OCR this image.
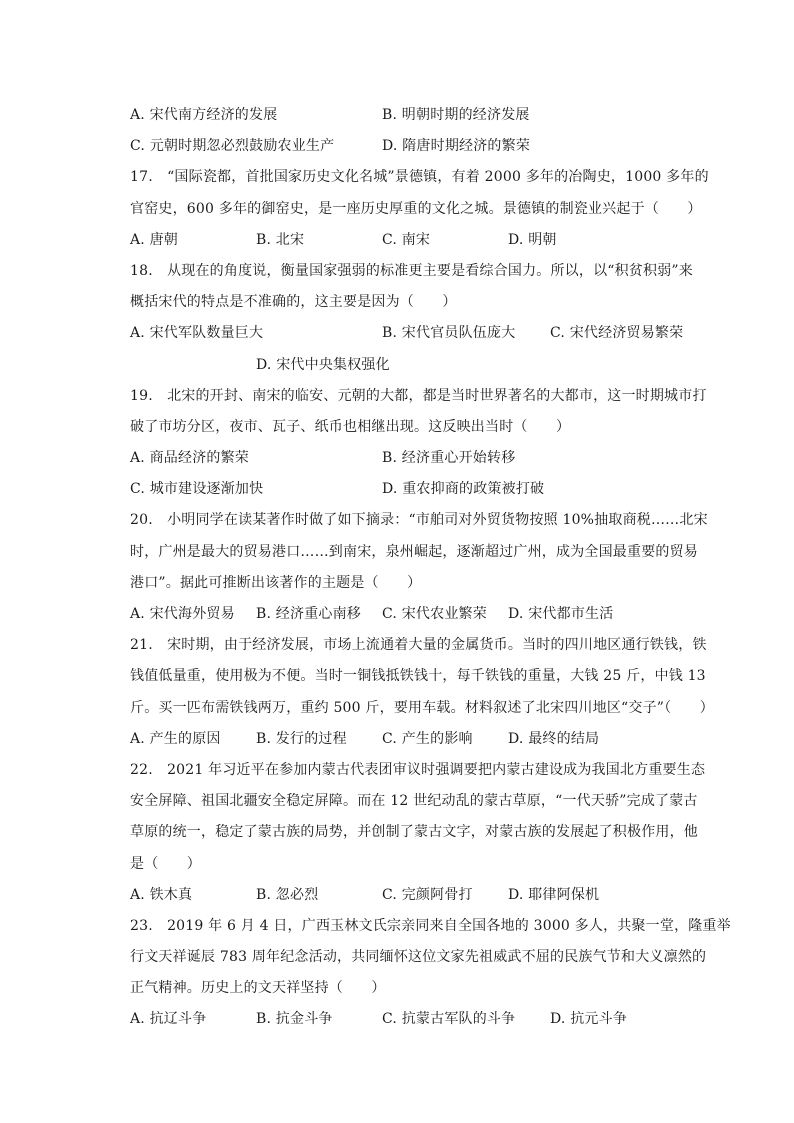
A. 宋代南方经济的发展	B. 明朝时期的经济发展
C. 元朝时期忽必烈鼓励农业生产	D. 隋唐时期经济的繁荣
17.　“国际瓷都，首批国家历史文化名城”景德镇，有着 2000 多年的冶陶史，1000 多年的
官窑史，600 多年的御窑史，是一座历史厚重的文化之城。景德镇的制瓷业兴起于（　　）
A. 唐朝	B. 北宋	C. 南宋	D. 明朝
18.　从现在的角度说，衡量国家强弱的标准更主要是看综合国力。所以，以“积贫积弱”来
概括宋代的特点是不准确的，这主要是因为（　　）
A. 宋代军队数量巨大	B. 宋代官员队伍庞大 C. 宋代经济贸易繁荣
D. 宋代中央集权强化
19.　北宋的开封、南宋的临安、元朝的大都，都是当时世界著名的大都市，这一时期城市打
破了市坊分区，夜市、瓦子、纸币也相继出现。这反映出当时（　　）
A. 商品经济的繁荣	B. 经济重心开始转移
C. 城市建设逐渐加快	D. 重农抑商的政策被打破
20.　小明同学在读某著作时做了如下摘录：“市舶司对外贸货物按照 10%抽取商税……北宋
时，广州是最大的贸易港口……到南宋，泉州崛起，逐渐超过广州，成为全国最重要的贸易
港口”。据此可推断出该著作的主题是（　　）
A. 宋代海外贸易 B. 经济重心南移 C. 宋代农业繁荣 D. 宋代都市生活
21.　宋时期，由于经济发展，市场上流通着大量的金属货币。当时的四川地区通行铁钱，铁
钱值低量重，使用极为不便。当时一铜钱抵铁钱十，每千铁钱的重量，大钱 25 斤，中钱 13
斤。买一匹布需铁钱两万，重约 500 斤，要用车载。材料叙述了北宋四川地区“交子”（　　）
A. 产生的原因	B. 发行的过程	C. 产生的影响	D. 最终的结局
22.　2021 年习近平在参加内蒙古代表团审议时强调要把内蒙古建设成为我国北方重要生态
安全屏障、祖国北疆安全稳定屏障。而在 12 世纪动乱的蒙古草原，“一代天骄”完成了蒙古
草原的统一，稳定了蒙古族的局势，并创制了蒙古文字，对蒙古族的发展起了积极作用，他
是（　　）
A. 铁木真	B. 忽必烈	C. 完颜阿骨打	D. 耶律阿保机
23.　2019 年 6 月 4 日，广西玉林文氏宗亲同来自全国各地的 3000 多人，共聚一堂，隆重举
行文天祥诞辰 783 周年纪念活动，共同缅怀这位文家先祖威武不屈的民族气节和大义凛然的
正气精神。历史上的文天祥坚持（　　）
A. 抗辽斗争	B. 抗金斗争	C. 抗蒙古军队的斗争 D. 抗元斗争
